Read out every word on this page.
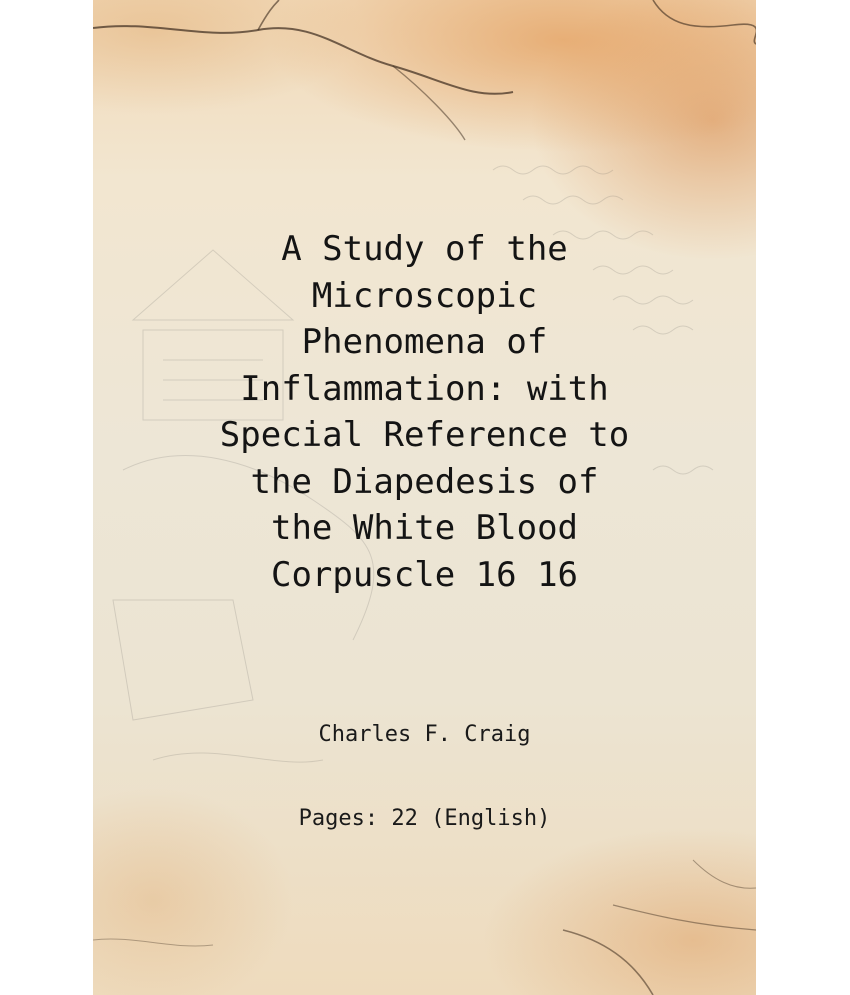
A Study of the
Microscopic
Phenomena of
Inflammation: with
Special Reference to
the Diapedesis of
the White Blood
Corpuscle 16 16
Charles F. Craig
Pages: 22 (English)
